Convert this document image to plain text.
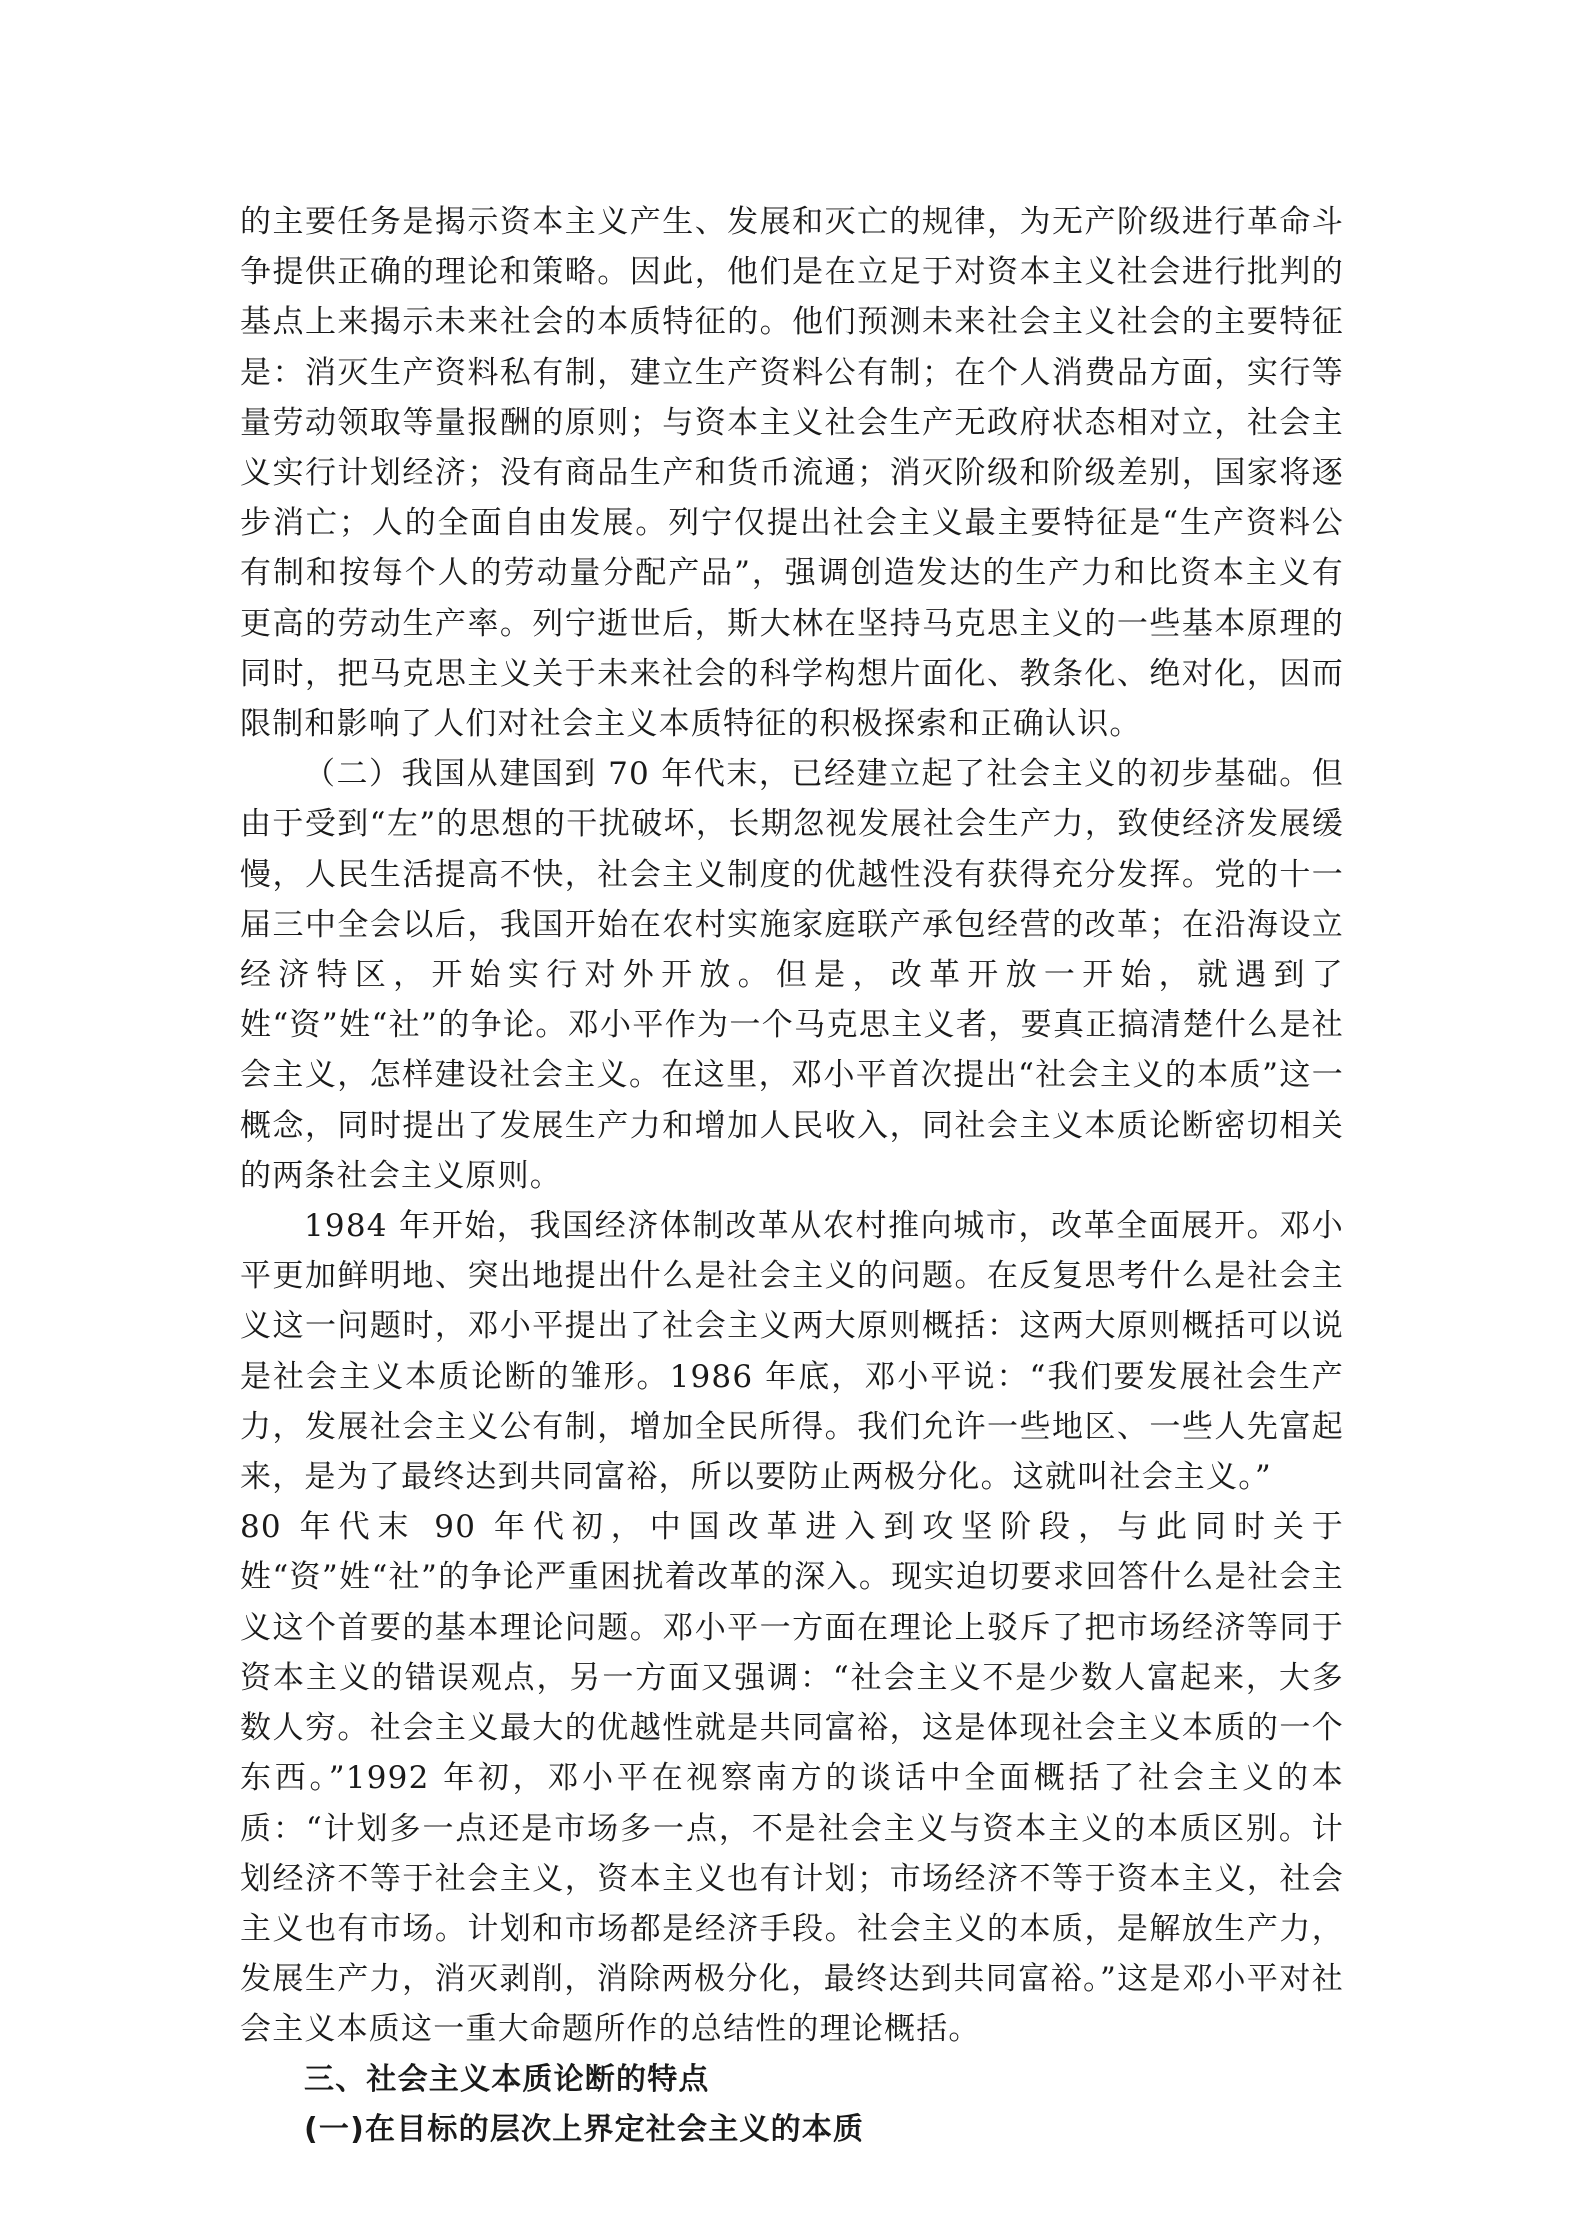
的主要任务是揭示资本主义产生、发展和灭亡的规律，为无产阶级进行革命斗争提供正确的理论和策略。因此，他们是在立足于对资本主义社会进行批判的基点上来揭示未来社会的本质特征的。他们预测未来社会主义社会的主要特征是：消灭生产资料私有制，建立生产资料公有制；在个人消费品方面，实行等量劳动领取等量报酬的原则；与资本主义社会生产无政府状态相对立，社会主义实行计划经济；没有商品生产和货币流通；消灭阶级和阶级差别，国家将逐步消亡；人的全面自由发展。列宁仅提出社会主义最主要特征是“生产资料公有制和按每个人的劳动量分配产品”，强调创造发达的生产力和比资本主义有更高的劳动生产率。列宁逝世后，斯大林在坚持马克思主义的一些基本原理的同时，把马克思主义关于未来社会的科学构想片面化、教条化、绝对化，因而限制和影响了人们对社会主义本质特征的积极探索和正确认识。

（二）我国从建国到 70 年代末，已经建立起了社会主义的初步基础。但由于受到“左”的思想的干扰破坏，长期忽视发展社会生产力，致使经济发展缓慢，人民生活提高不快，社会主义制度的优越性没有获得充分发挥。党的十一届三中全会以后，我国开始在农村实施家庭联产承包经营的改革；在沿海设立经济特区，开始实行对外开放。但是，改革开放一开始，就遇到了姓“资”姓“社”的争论。邓小平作为一个马克思主义者，要真正搞清楚什么是社会主义，怎样建设社会主义。在这里，邓小平首次提出“社会主义的本质”这一概念，同时提出了发展生产力和增加人民收入，同社会主义本质论断密切相关的两条社会主义原则。

1984 年开始，我国经济体制改革从农村推向城市，改革全面展开。邓小平更加鲜明地、突出地提出什么是社会主义的问题。在反复思考什么是社会主义这一问题时，邓小平提出了社会主义两大原则概括：这两大原则概括可以说是社会主义本质论断的雏形。1986 年底，邓小平说：“我们要发展社会生产力，发展社会主义公有制，增加全民所得。我们允许一些地区、一些人先富起来，是为了最终达到共同富裕，所以要防止两极分化。这就叫社会主义。”

80 年代末 90 年代初，中国改革进入到攻坚阶段，与此同时关于姓“资”姓“社”的争论严重困扰着改革的深入。现实迫切要求回答什么是社会主义这个首要的基本理论问题。邓小平一方面在理论上驳斥了把市场经济等同于资本主义的错误观点，另一方面又强调：“社会主义不是少数人富起来，大多数人穷。社会主义最大的优越性就是共同富裕，这是体现社会主义本质的一个东西。”1992 年初，邓小平在视察南方的谈话中全面概括了社会主义的本质：“计划多一点还是市场多一点，不是社会主义与资本主义的本质区别。计划经济不等于社会主义，资本主义也有计划；市场经济不等于资本主义，社会主义也有市场。计划和市场都是经济手段。社会主义的本质，是解放生产力，发展生产力，消灭剥削，消除两极分化，最终达到共同富裕。”这是邓小平对社会主义本质这一重大命题所作的总结性的理论概括。

三、社会主义本质论断的特点

(一)在目标的层次上界定社会主义的本质
